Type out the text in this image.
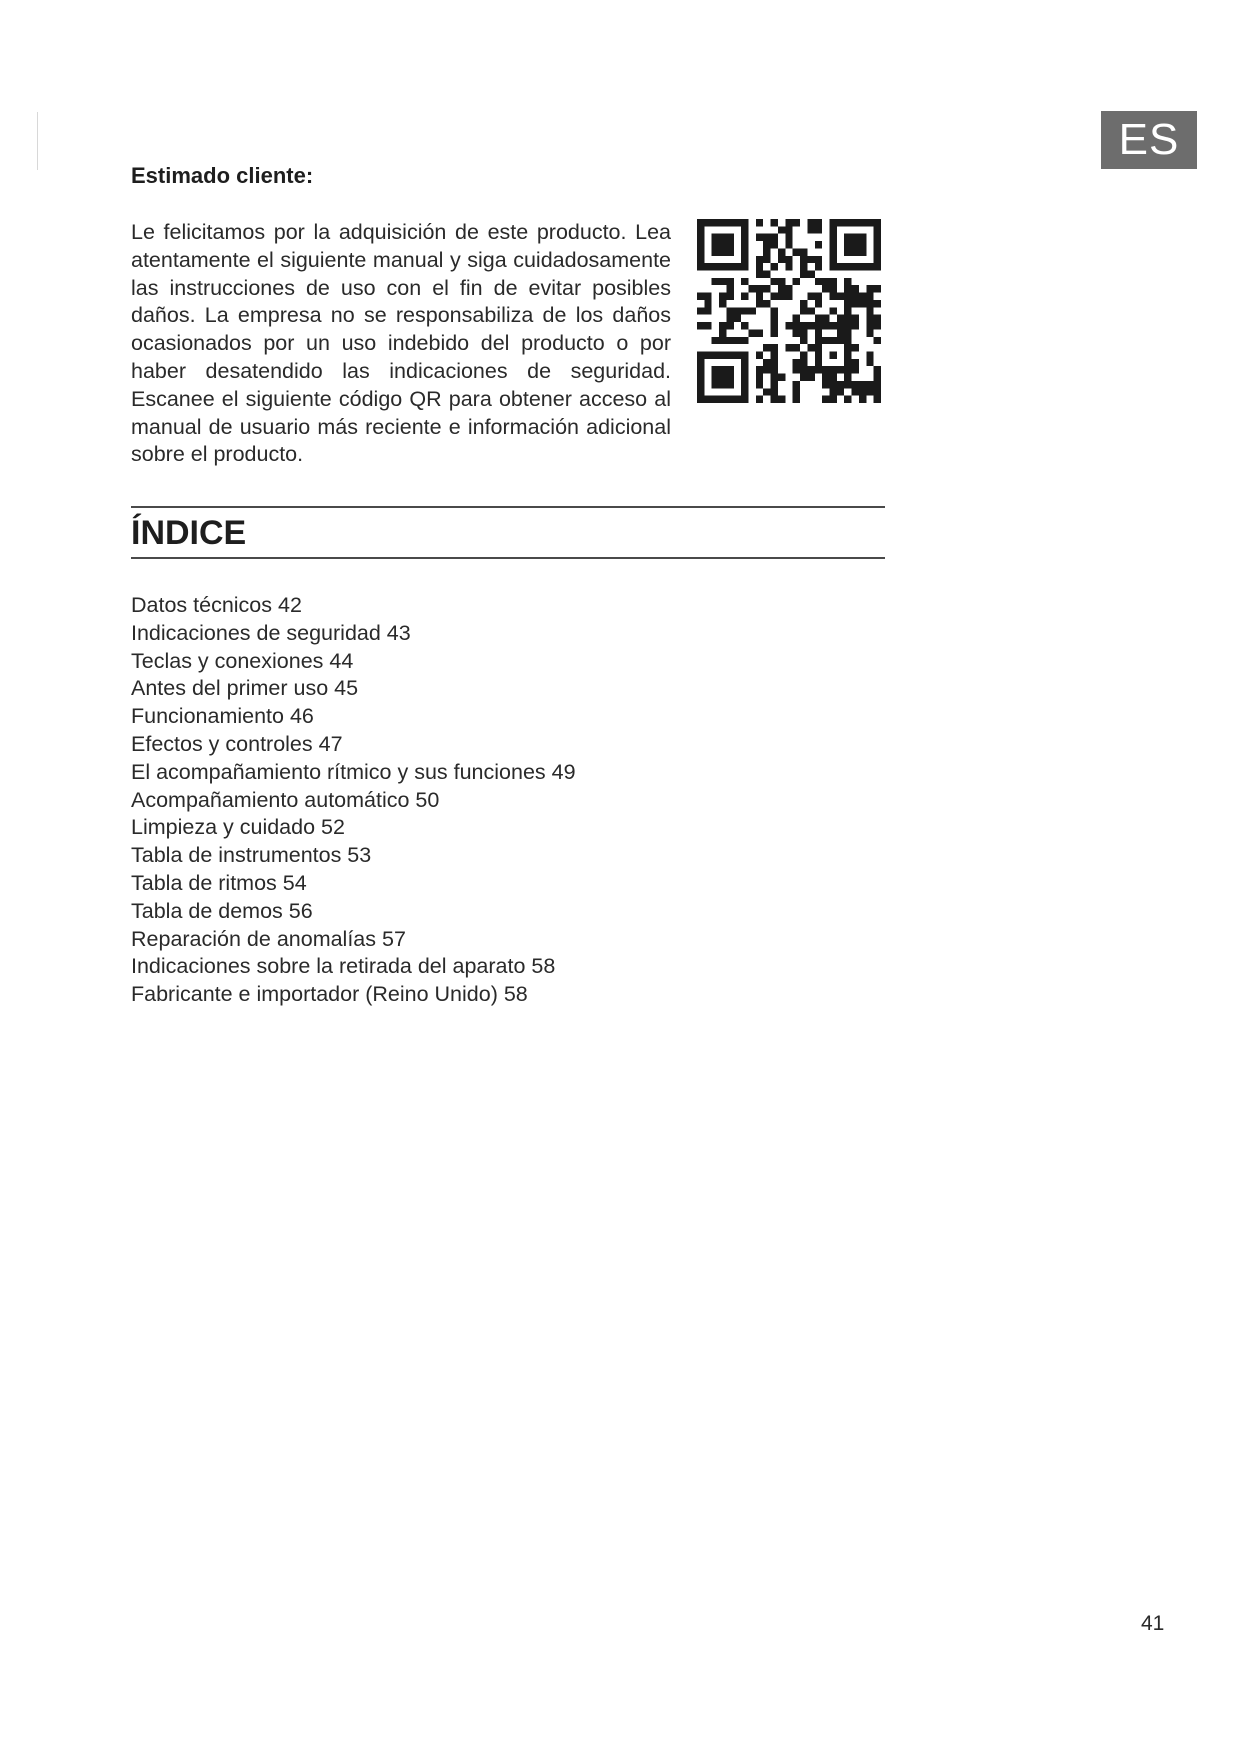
ES
Estimado cliente:

Le felicitamos por la adquisición de este producto. Lea atentamente el siguiente manual y siga cuidadosamente las instrucciones de uso con el fin de evitar posibles daños. La empresa no se responsabiliza de los daños ocasionados por un uso indebido del producto o por haber desatendido las indicaciones de seguridad. Escanee el siguiente código QR para obtener acceso al manual de usuario más reciente e información adicional sobre el producto.

ÍNDICE
Datos técnicos 42
Indicaciones de seguridad 43
Teclas y conexiones 44
Antes del primer uso 45
Funcionamiento 46
Efectos y controles 47
El acompañamiento rítmico y sus funciones 49
Acompañamiento automático 50
Limpieza y cuidado 52
Tabla de instrumentos 53
Tabla de ritmos 54
Tabla de demos 56
Reparación de anomalías 57
Indicaciones sobre la retirada del aparato 58
Fabricante e importador (Reino Unido) 58
41
